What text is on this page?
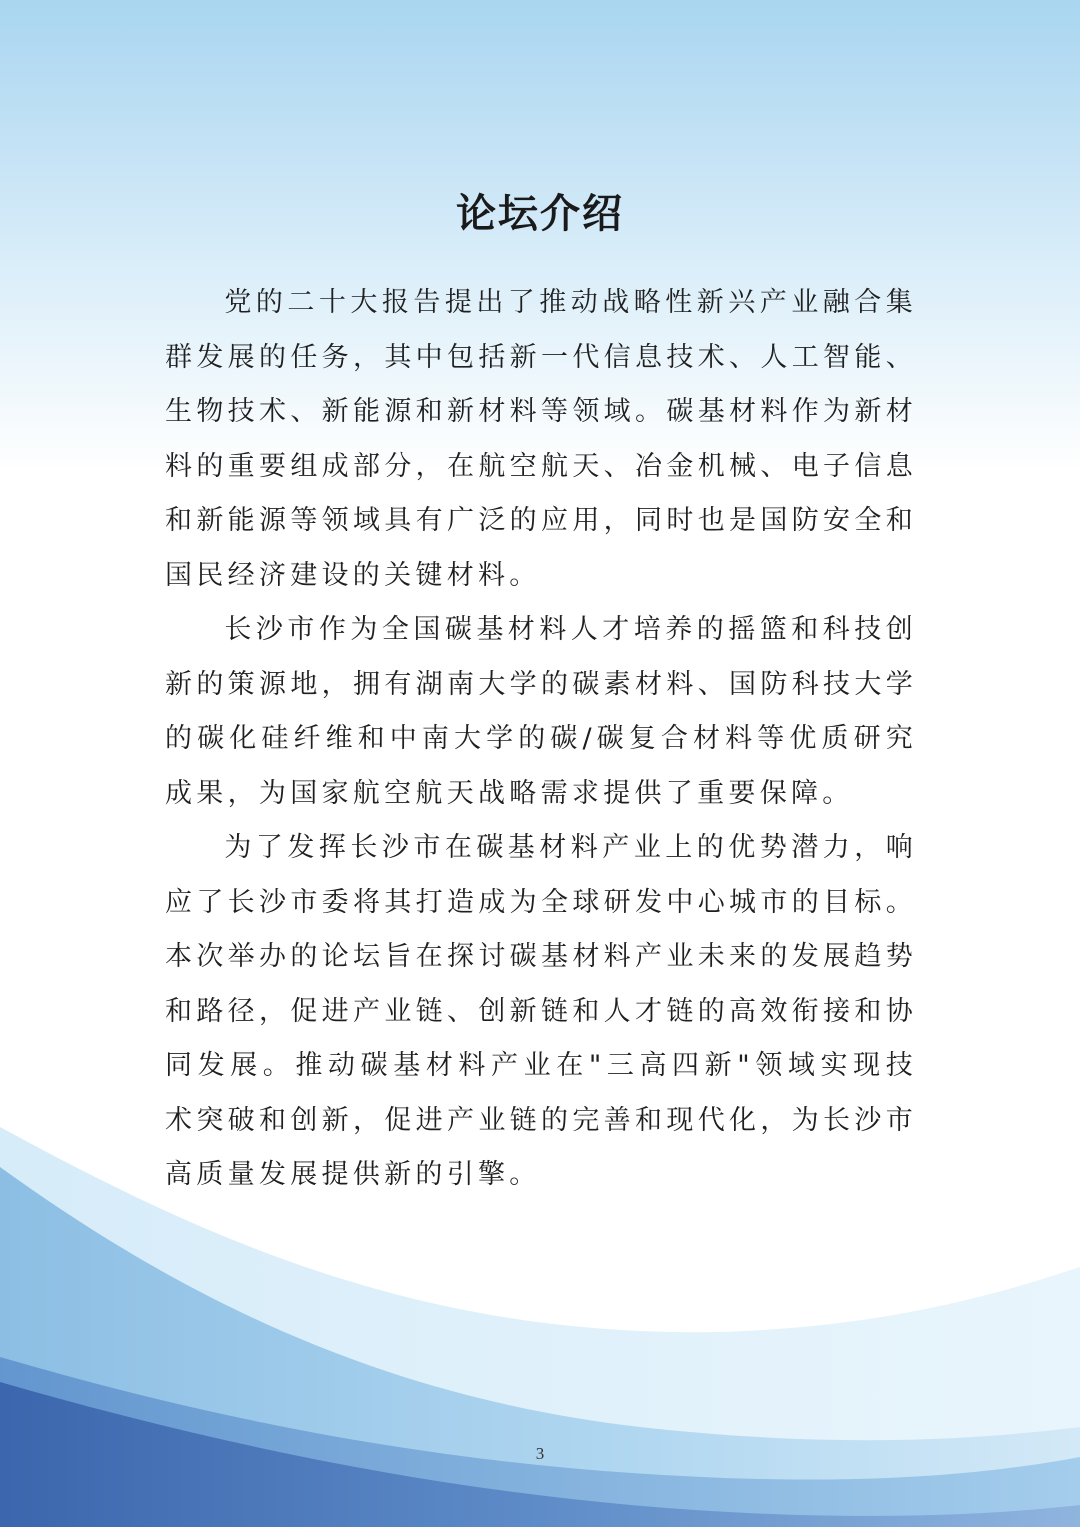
论坛介绍

党的二十大报告提出了推动战略性新兴产业融合集群发展的任务，其中包括新一代信息技术、人工智能、生物技术、新能源和新材料等领域。碳基材料作为新材料的重要组成部分，在航空航天、冶金机械、电子信息和新能源等领域具有广泛的应用，同时也是国防安全和国民经济建设的关键材料。

长沙市作为全国碳基材料人才培养的摇篮和科技创新的策源地，拥有湖南大学的碳素材料、国防科技大学的碳化硅纤维和中南大学的碳/碳复合材料等优质研究成果，为国家航空航天战略需求提供了重要保障。

为了发挥长沙市在碳基材料产业上的优势潜力，响应了长沙市委将其打造成为全球研发中心城市的目标。本次举办的论坛旨在探讨碳基材料产业未来的发展趋势和路径，促进产业链、创新链和人才链的高效衔接和协同发展。推动碳基材料产业在"三高四新"领域实现技术突破和创新，促进产业链的完善和现代化，为长沙市高质量发展提供新的引擎。

3
